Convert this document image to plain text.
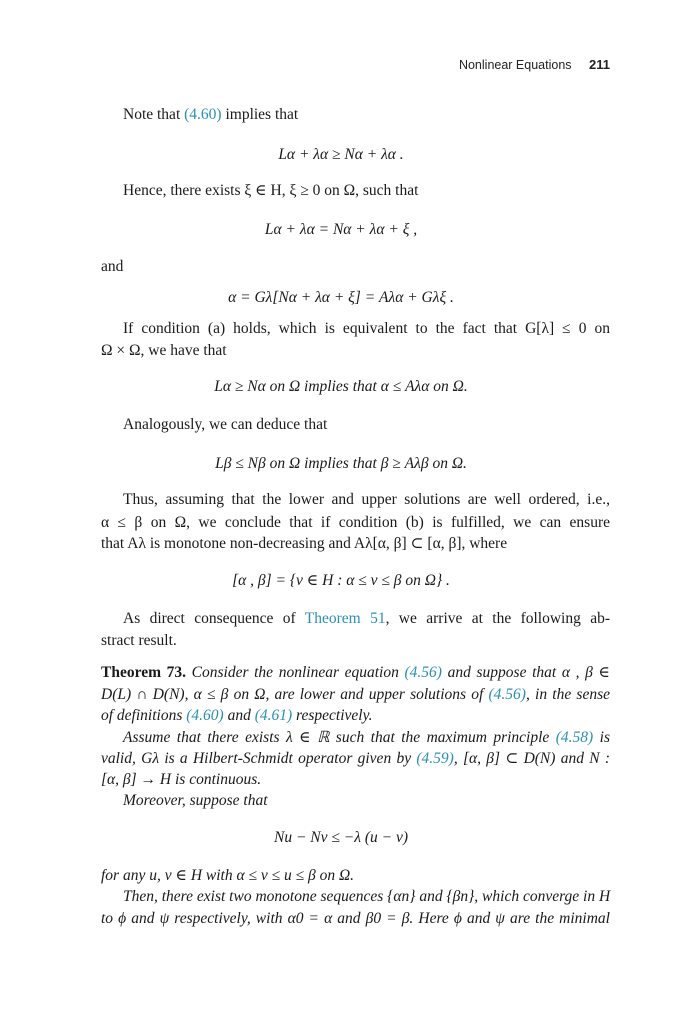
Nonlinear Equations 211
Note that (4.60) implies that
Lα + λα ≥ Nα + λα .
Hence, there exists ξ ∈ H, ξ ≥ 0 on Ω, such that
Lα + λα = Nα + λα + ξ ,
and
α = Gλ[Nα + λα + ξ] = Aλα + Gλξ .
If condition (a) holds, which is equivalent to the fact that G[λ] ≤ 0 on
Ω × Ω, we have that
Lα ≥ Nα on Ω implies that α ≤ Aλα on Ω.
Analogously, we can deduce that
Lβ ≤ Nβ on Ω implies that β ≥ Aλβ on Ω.
Thus, assuming that the lower and upper solutions are well ordered, i.e.,
α ≤ β on Ω, we conclude that if condition (b) is fulfilled, we can ensure
that Aλ is monotone non-decreasing and Aλ[α, β] ⊂ [α, β], where
[α , β] = {v ∈ H : α ≤ v ≤ β on Ω} .
As direct consequence of Theorem 51, we arrive at the following ab-
stract result.
Theorem 73. Consider the nonlinear equation (4.56) and suppose that α , β ∈
D(L) ∩ D(N), α ≤ β on Ω, are lower and upper solutions of (4.56), in the sense
of definitions (4.60) and (4.61) respectively.
Assume that there exists λ ∈ ℝ such that the maximum principle (4.58) is
valid, Gλ is a Hilbert-Schmidt operator given by (4.59), [α, β] ⊂ D(N) and N :
[α, β] → H is continuous.
Moreover, suppose that
Nu − Nv ≤ −λ (u − v)
for any u, v ∈ H with α ≤ v ≤ u ≤ β on Ω.
Then, there exist two monotone sequences {αn} and {βn}, which converge in H
to ϕ and ψ respectively, with α0 = α and β0 = β. Here ϕ and ψ are the minimal
